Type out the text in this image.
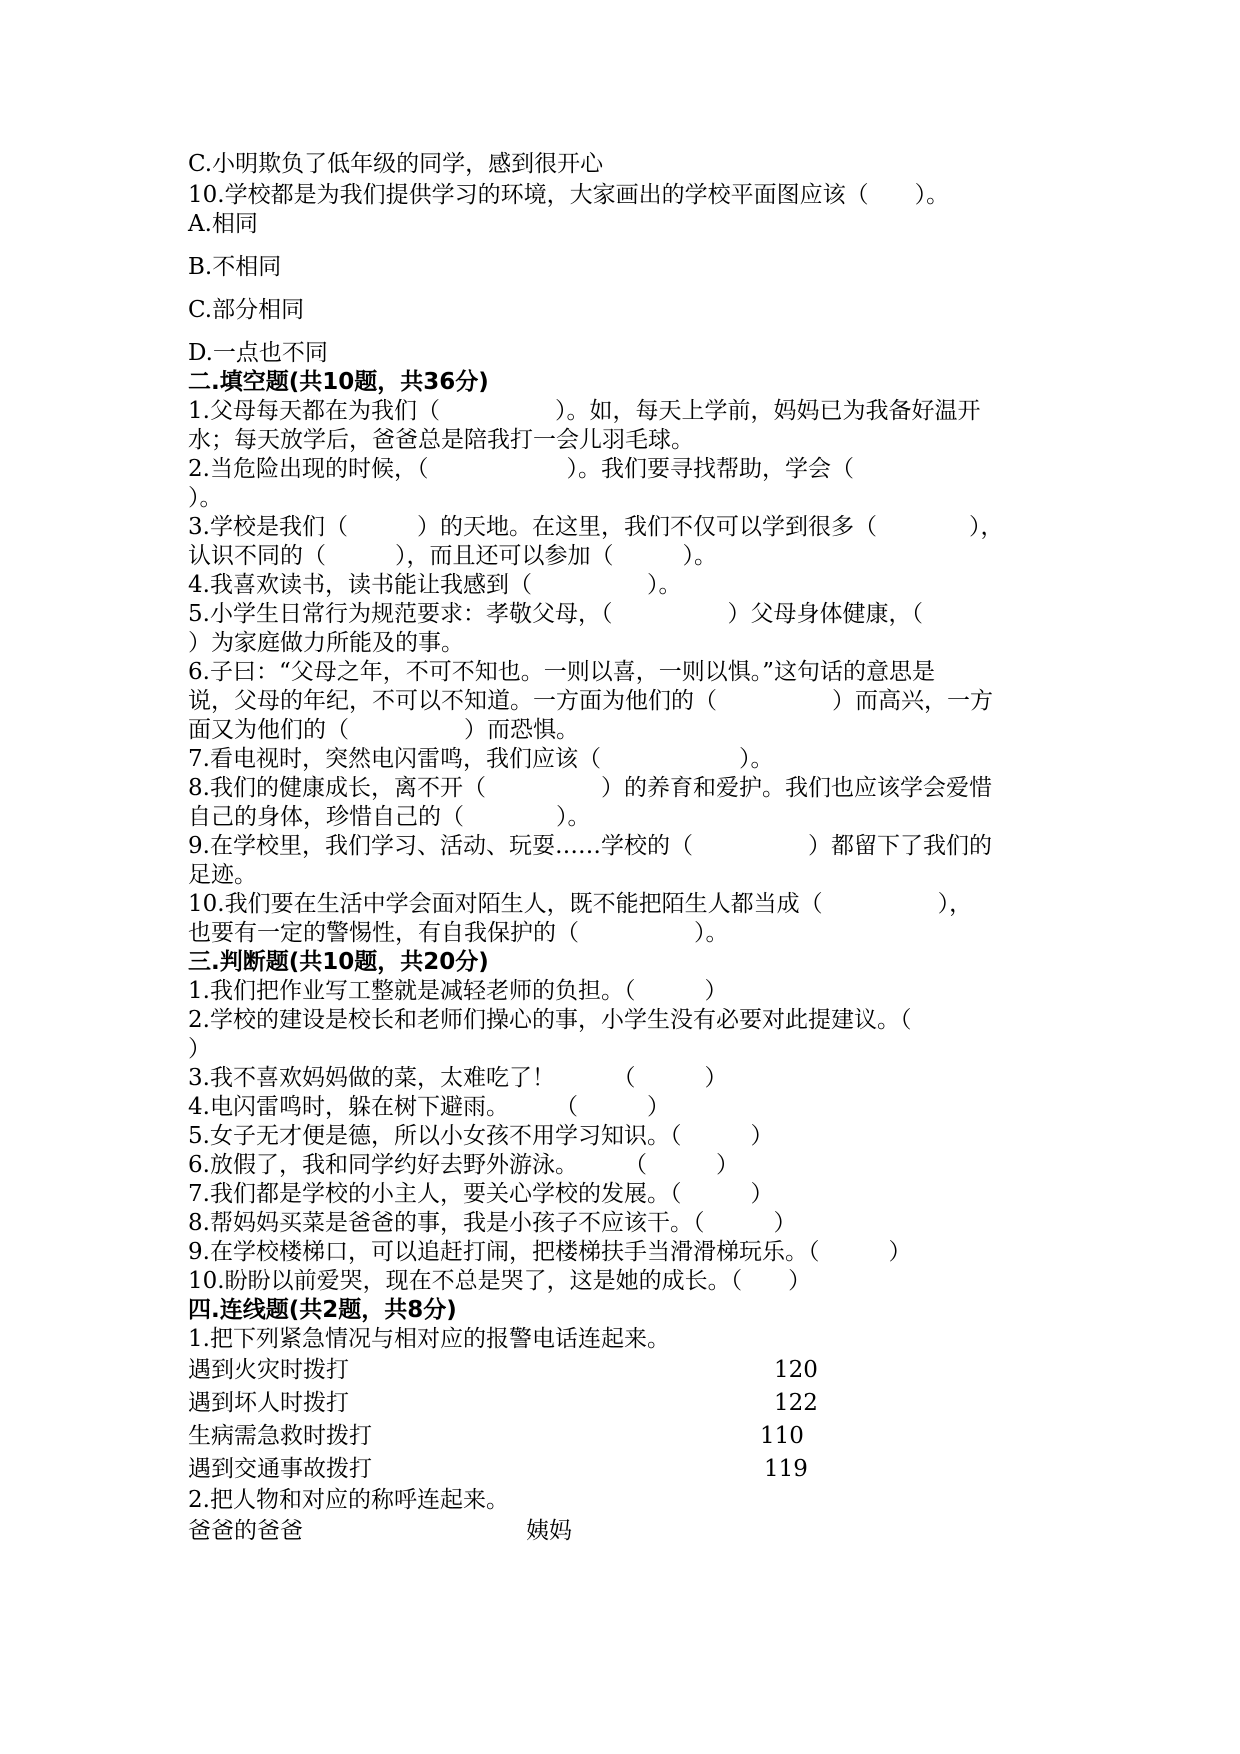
C.小明欺负了低年级的同学，感到很开心

10.学校都是为我们提供学习的环境，大家画出的学校平面图应该（　　）。

A.相同

B.不相同

C.部分相同

D.一点也不同

二.填空题(共10题，共36分)

1.父母每天都在为我们（　　　　　）。如，每天上学前，妈妈已为我备好温开

水；每天放学后，爸爸总是陪我打一会儿羽毛球。

2.当危险出现的时候，（　　　　　　）。我们要寻找帮助，学会（

）。

3.学校是我们（　　　）的天地。在这里，我们不仅可以学到很多（　　　　），

认识不同的（　　　），而且还可以参加（　　　）。

4.我喜欢读书，读书能让我感到（　　　　　）。

5.小学生日常行为规范要求：孝敬父母，（　　　　　）父母身体健康，（

）为家庭做力所能及的事。

6.子曰：“父母之年，不可不知也。一则以喜，一则以惧。”这句话的意思是

说，父母的年纪，不可以不知道。一方面为他们的（　　　　　）而高兴，一方

面又为他们的（　　　　　）而恐惧。

7.看电视时，突然电闪雷鸣，我们应该（　　　　　　）。

8.我们的健康成长，离不开（　　　　　）的养育和爱护。我们也应该学会爱惜

自己的身体，珍惜自己的（　　　　）。

9.在学校里，我们学习、活动、玩耍……学校的（　　　　　）都留下了我们的

足迹。

10.我们要在生活中学会面对陌生人，既不能把陌生人都当成（　　　　　），

也要有一定的警惕性，有自我保护的（　　　　　）。

三.判断题(共10题，共20分)

1.我们把作业写工整就是减轻老师的负担。（　　　）

2.学校的建设是校长和老师们操心的事，小学生没有必要对此提建议。（

）

3.我不喜欢妈妈做的菜，太难吃了！　　　（　　　）

4.电闪雷鸣时，躲在树下避雨。　　　（　　　）

5.女子无才便是德，所以小女孩不用学习知识。（　　　）

6.放假了，我和同学约好去野外游泳。　　　（　　　）

7.我们都是学校的小主人，要关心学校的发展。（　　　）

8.帮妈妈买菜是爸爸的事，我是小孩子不应该干。（　　　）

9.在学校楼梯口，可以追赶打闹，把楼梯扶手当滑滑梯玩乐。（　　　）

10.盼盼以前爱哭，现在不总是哭了，这是她的成长。（　　）

四.连线题(共2题，共8分)

1.把下列紧急情况与相对应的报警电话连起来。

遇到火灾时拨打	120
遇到坏人时拨打	122
生病需急救时拨打	110
遇到交通事故拨打	119

2.把人物和对应的称呼连起来。

爸爸的爸爸	姨妈
